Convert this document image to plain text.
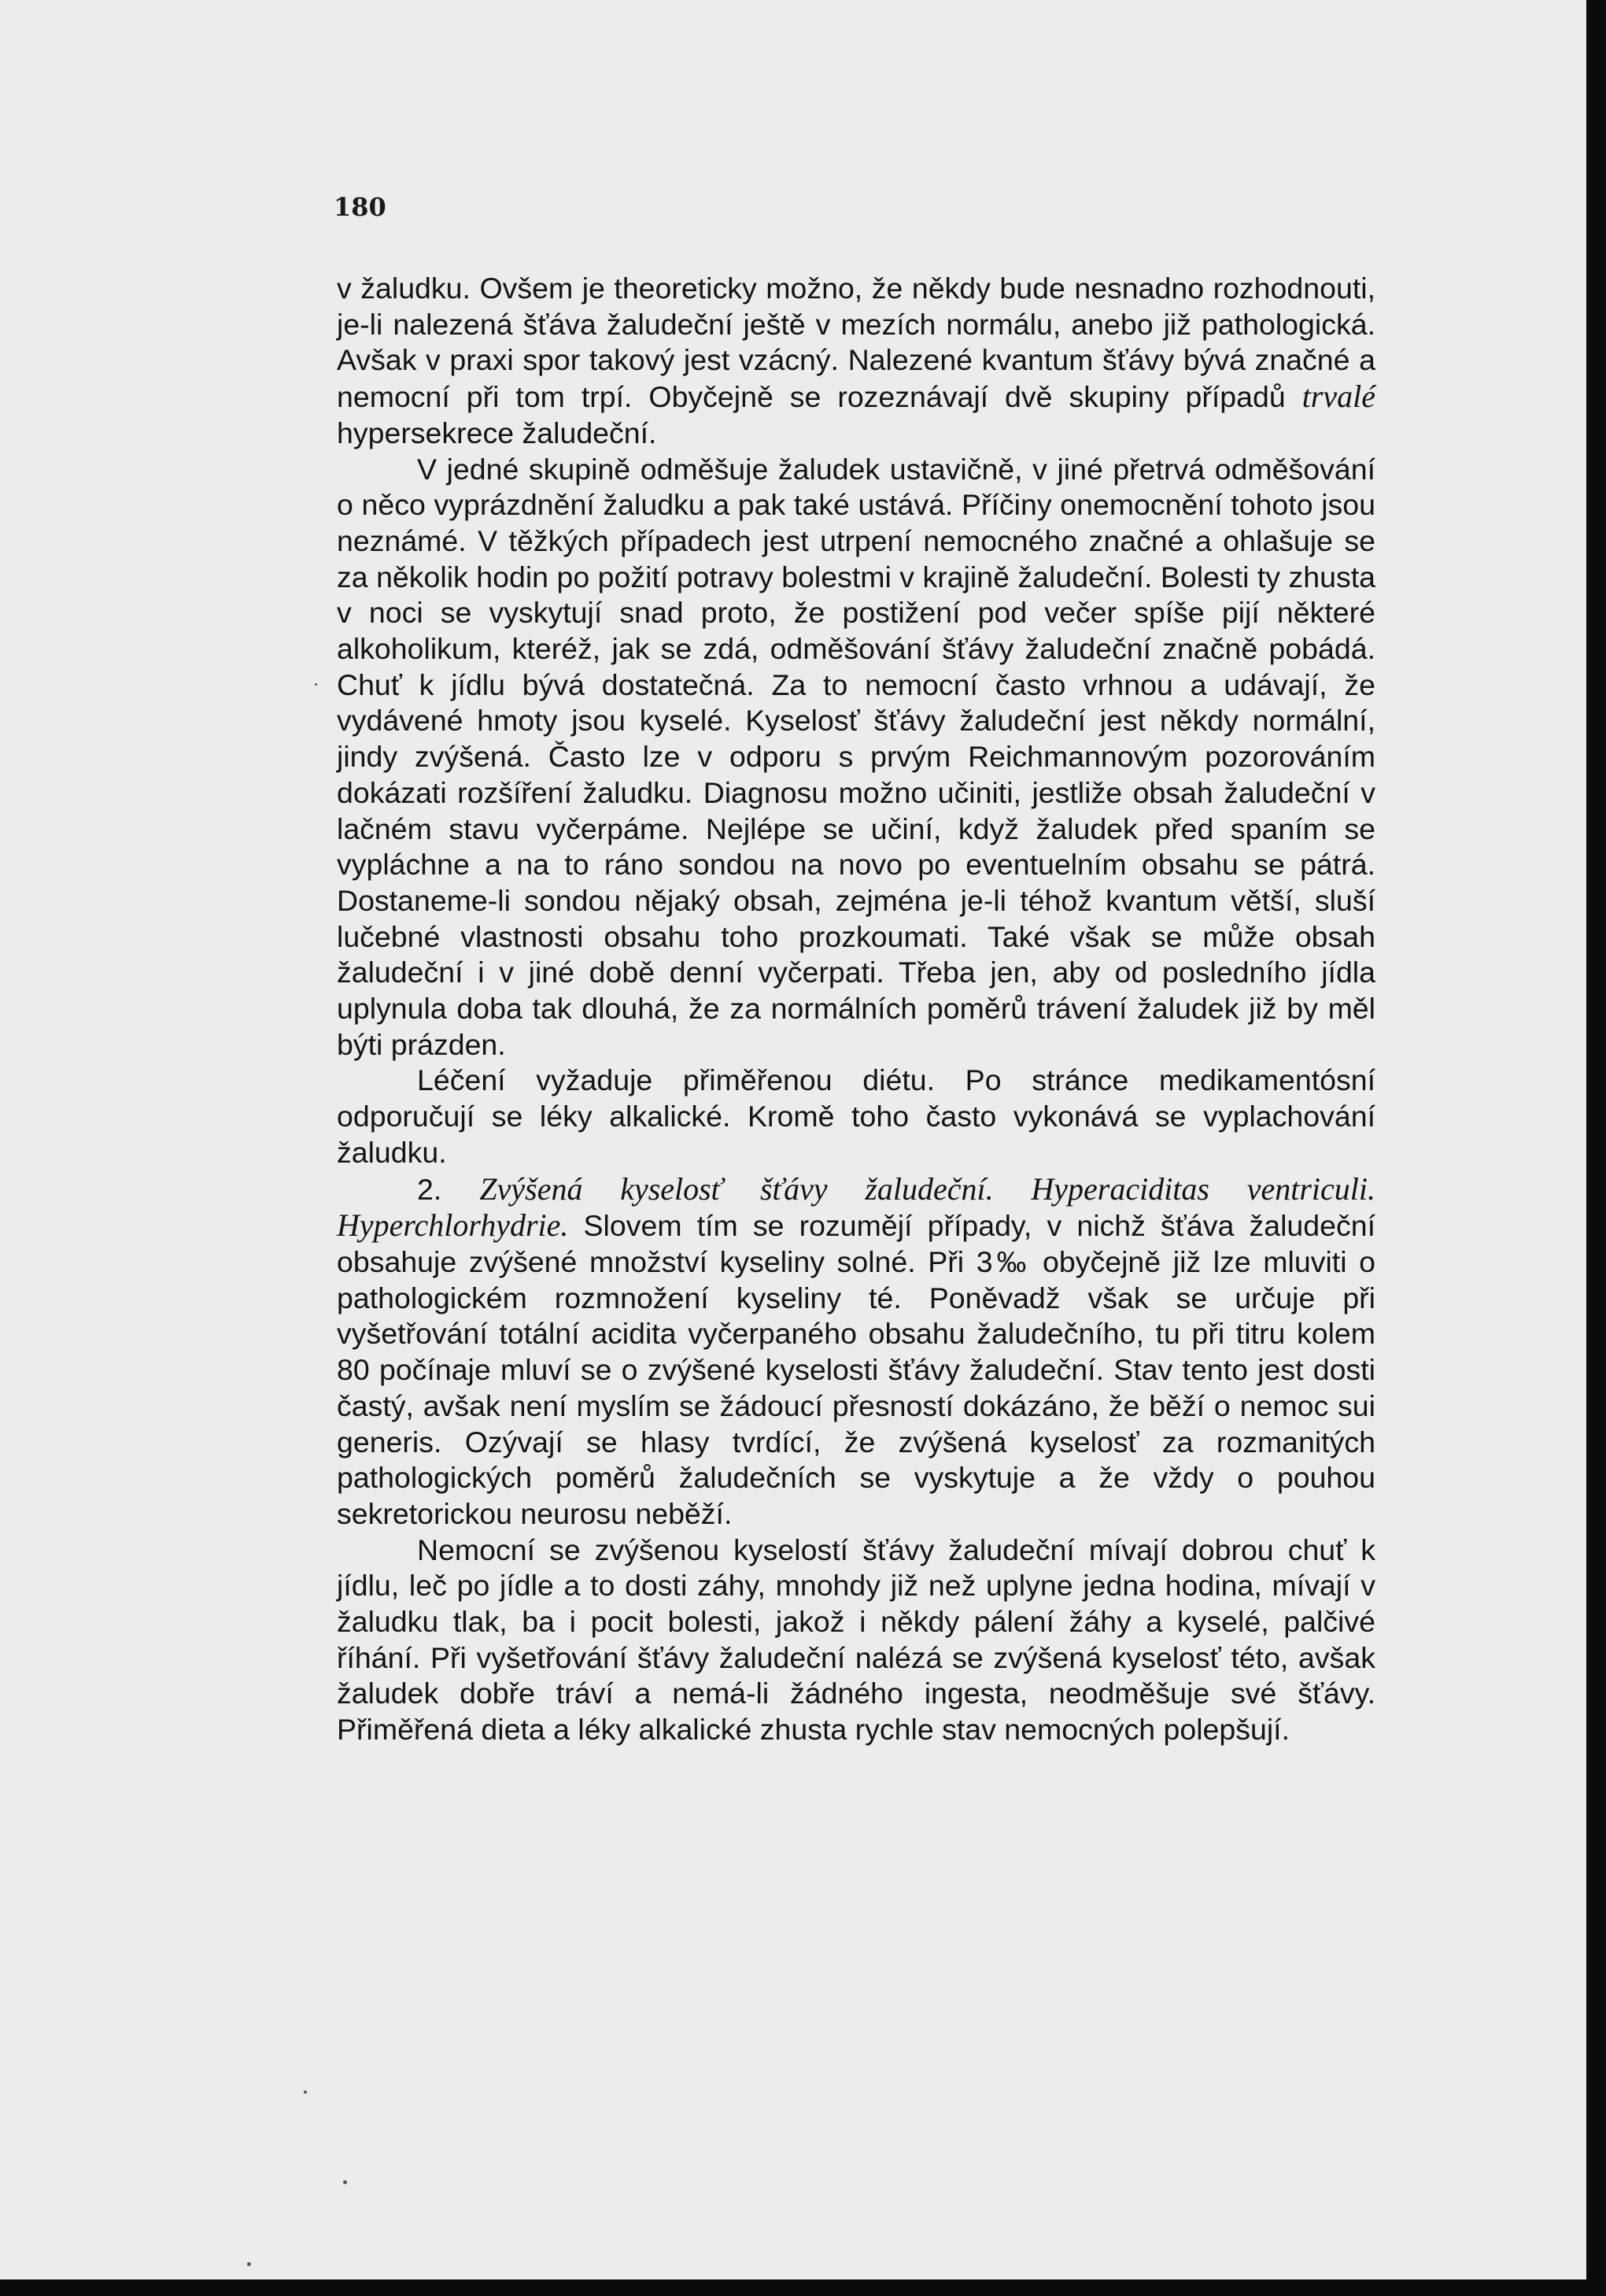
180

v žaludku. Ovšem je theoreticky možno, že někdy bude nesnadno rozhodnouti, je-li nalezená šťáva žaludeční ještě v mezích normálu, anebo již pathologická. Avšak v praxi spor takový jest vzácný. Nalezené kvantum šťávy bývá značné a nemocní při tom trpí. Obyčejně se rozeznávají dvě skupiny případů trvalé hypersekrece žaludeční.

V jedné skupině odměšuje žaludek ustavičně, v jiné přetrvá odměšování o něco vyprázdnění žaludku a pak také ustává. Příčiny onemocnění tohoto jsou neznámé. V těžkých případech jest utrpení nemocného značné a ohlašuje se za několik hodin po požití potravy bolestmi v krajině žaludeční. Bolesti ty zhusta v noci se vyskytují snad proto, že postižení pod večer spíše pijí některé alkoholikum, kteréž, jak se zdá, odměšování šťávy žaludeční značně pobádá. Chuť k jídlu bývá dostatečná. Za to nemocní často vrhnou a udávají, že vydávené hmoty jsou kyselé. Kyselosť šťávy žaludeční jest někdy normální, jindy zvýšená. Často lze v odporu s prvým Reichmannovým pozorováním dokázati rozšíření žaludku. Diagnosu možno učiniti, jestliže obsah žaludeční v lačném stavu vyčerpáme. Nejlépe se učiní, když žaludek před spaním se vypláchne a na to ráno sondou na novo po eventuelním obsahu se pátrá. Dostaneme-li sondou nějaký obsah, zejména je-li téhož kvantum větší, sluší lučebné vlastnosti obsahu toho prozkoumati. Také však se může obsah žaludeční i v jiné době denní vyčerpati. Třeba jen, aby od posledního jídla uplynula doba tak dlouhá, že za normálních poměrů trávení žaludek již by měl býti prázden.

Léčení vyžaduje přiměřenou diétu. Po stránce medikamentósní odporučují se léky alkalické. Kromě toho často vykonává se vyplachování žaludku.

2. Zvýšená kyselosť šťávy žaludeční. Hyperaciditas ventriculi. Hyperchlorhydrie. Slovem tím se rozumějí případy, v nichž šťáva žaludeční obsahuje zvýšené množství kyseliny solné. Při 3‰ obyčejně již lze mluviti o pathologickém rozmnožení kyseliny té. Poněvadž však se určuje při vyšetřování totální acidita vyčerpaného obsahu žaludečního, tu při titru kolem 80 počínaje mluví se o zvýšené kyselosti šťávy žaludeční. Stav tento jest dosti častý, avšak není myslím se žádoucí přesností dokázáno, že běží o nemoc sui generis. Ozývají se hlasy tvrdící, že zvýšená kyselosť za rozmanitých pathologických poměrů žaludečních se vyskytuje a že vždy o pouhou sekretorickou neurosu neběží.

Nemocní se zvýšenou kyselostí šťávy žaludeční mívají dobrou chuť k jídlu, leč po jídle a to dosti záhy, mnohdy již než uplyne jedna hodina, mívají v žaludku tlak, ba i pocit bolesti, jakož i někdy pálení žáhy a kyselé, palčivé říhání. Při vyšetřování šťávy žaludeční nalézá se zvýšená kyselosť této, avšak žaludek dobře tráví a nemá-li žádného ingesta, neodměšuje své šťávy. Přiměřená dieta a léky alkalické zhusta rychle stav nemocných polepšují.
